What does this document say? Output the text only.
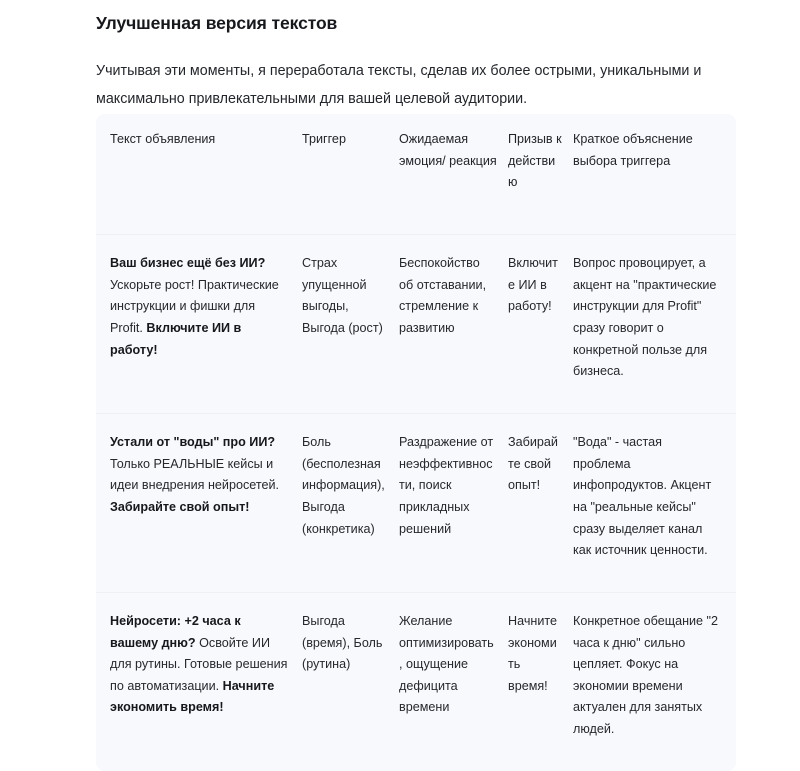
Улучшенная версия текстов

Учитывая эти моменты, я переработала тексты, сделав их более острыми, уникальными и максимально привлекательными для вашей целевой аудитории.

Текст объявления	Триггер	Ожидаемая эмоция/ реакция	Призыв к действию	Краткое объяснение выбора триггера
Ваш бизнес ещё без ИИ? Ускорьте рост! Практические инструкции и фишки для Profit. Включите ИИ в работу!	Страх упущенной выгоды, Выгода (рост)	Беспокойство об отставании, стремление к развитию	Включите ИИ в работу!	Вопрос провоцирует, а акцент на "практические инструкции для Profit" сразу говорит о конкретной пользе для бизнеса.
Устали от "воды" про ИИ? Только РЕАЛЬНЫЕ кейсы и идеи внедрения нейросетей. Забирайте свой опыт!	Боль (бесполезная информация), Выгода (конкретика)	Раздражение от неэффективности, поиск прикладных решений	Забирайте свой опыт!	"Вода" - частая проблема инфопродуктов. Акцент на "реальные кейсы" сразу выделяет канал как источник ценности.
Нейросети: +2 часа к вашему дню? Освойте ИИ для рутины. Готовые решения по автоматизации. Начните экономить время!	Выгода (время), Боль (рутина)	Желание оптимизировать, ощущение дефицита времени	Начните экономить время!	Конкретное обещание "2 часа к дню" сильно цепляет. Фокус на экономии времени актуален для занятых людей.
